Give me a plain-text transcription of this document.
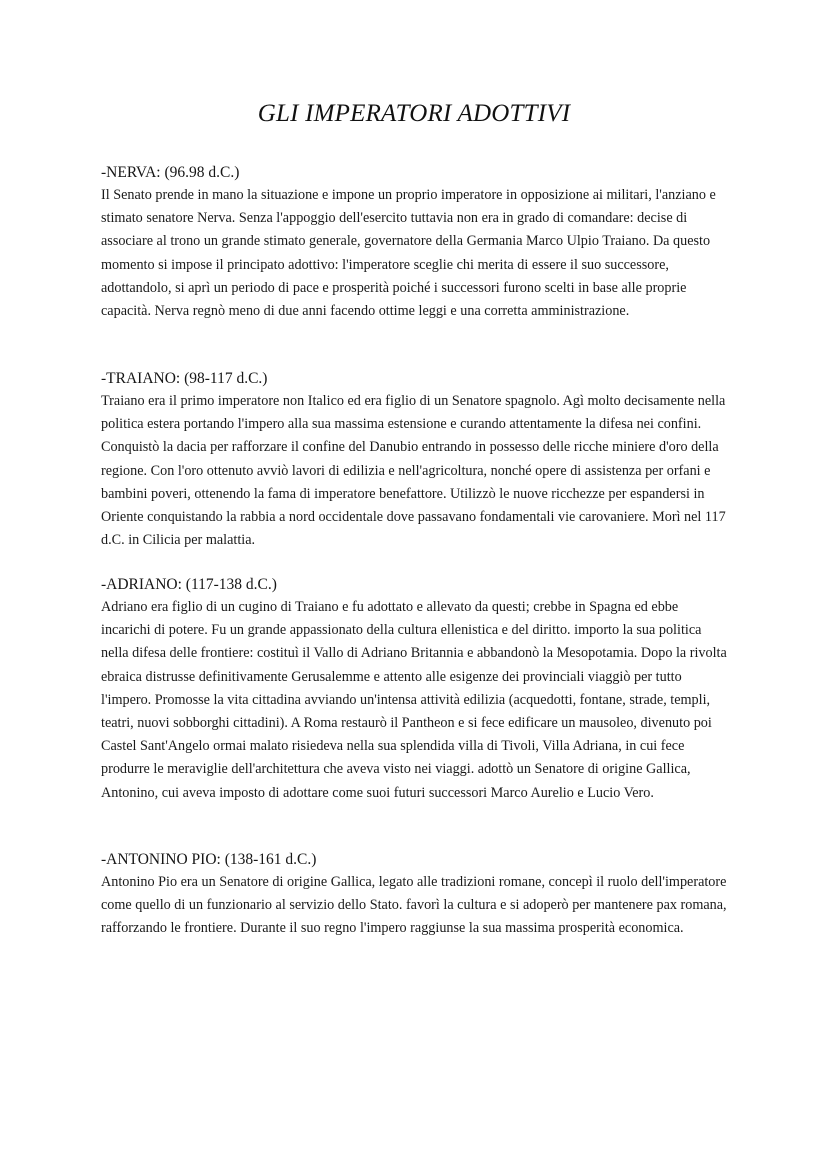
GLI IMPERATORI ADOTTIVI

-NERVA: (96.98 d.C.)

Il Senato prende in mano la situazione e impone un proprio imperatore in opposizione ai militari, l'anziano e stimato senatore Nerva. Senza l'appoggio dell'esercito tuttavia non era in grado di comandare: decise di associare al trono un grande stimato generale, governatore della Germania Marco Ulpio Traiano. Da questo momento si impose il principato adottivo: l'imperatore sceglie chi merita di essere il suo successore, adottandolo, si aprì un periodo di pace e prosperità poiché i successori furono scelti in base alle proprie capacità. Nerva regnò meno di due anni facendo ottime leggi e una corretta amministrazione.

-TRAIANO: (98-117 d.C.)

Traiano era il primo imperatore non Italico ed era figlio di un Senatore spagnolo. Agì molto decisamente nella politica estera portando l'impero alla sua massima estensione e curando attentamente la difesa nei confini. Conquistò la dacia per rafforzare il confine del Danubio entrando in possesso delle ricche miniere d'oro della regione. Con l'oro ottenuto avviò lavori di edilizia e nell'agricoltura, nonché opere di assistenza per orfani e bambini poveri, ottenendo la fama di imperatore benefattore. Utilizzò le nuove ricchezze per espandersi in Oriente conquistando la rabbia a nord occidentale dove passavano fondamentali vie carovaniere. Morì nel 117 d.C. in Cilicia per malattia.

-ADRIANO: (117-138 d.C.)

Adriano era figlio di un cugino di Traiano e fu adottato e allevato da questi; crebbe in Spagna ed ebbe incarichi di potere. Fu un grande appassionato della cultura ellenistica e del diritto. importo la sua politica nella difesa delle frontiere: costituì il Vallo di Adriano Britannia e abbandonò la Mesopotamia. Dopo la rivolta ebraica distrusse definitivamente Gerusalemme e attento alle esigenze dei provinciali viaggiò per tutto l'impero. Promosse la vita cittadina avviando un'intensa attività edilizia (acquedotti, fontane, strade, templi, teatri, nuovi sobborghi cittadini). A Roma restaurò il Pantheon e si fece edificare un mausoleo, divenuto poi Castel Sant'Angelo ormai malato risiedeva nella sua splendida villa di Tivoli, Villa Adriana, in cui fece produrre le meraviglie dell'architettura che aveva visto nei viaggi. adottò un Senatore di origine Gallica, Antonino, cui aveva imposto di adottare come suoi futuri successori Marco Aurelio e Lucio Vero.

-ANTONINO PIO: (138-161 d.C.)

Antonino Pio era un Senatore di origine Gallica, legato alle tradizioni romane, concepì il ruolo dell'imperatore come quello di un funzionario al servizio dello Stato. favorì la cultura e si adoperò per mantenere pax romana, rafforzando le frontiere. Durante il suo regno l'impero raggiunse la sua massima prosperità economica.
